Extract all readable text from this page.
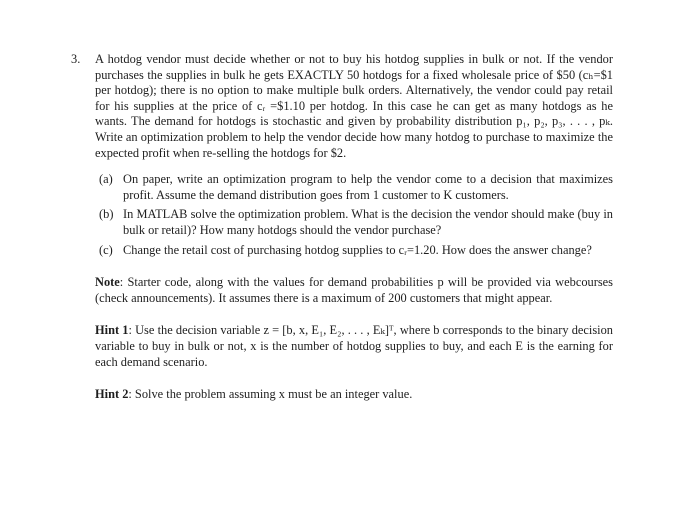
3.	A hotdog vendor must decide whether or not to buy his hotdog supplies in bulk or not. If the vendor purchases the supplies in bulk he gets EXACTLY 50 hotdogs for a fixed wholesale price of $50 (cₕ=$1 per hotdog); there is no option to make multiple bulk orders. Alternatively, the vendor could pay retail for his supplies at the price of cᵣ =$1.10 per hotdog. In this case he can get as many hotdogs as he wants. The demand for hotdogs is stochastic and given by probability distribution p₁, p₂, p₃, . . . , pₖ. Write an optimization problem to help the vendor decide how many hotdog to purchase to maximize the expected profit when re-selling the hotdogs for $2.
(a) On paper, write an optimization program to help the vendor come to a decision that maximizes profit. Assume the demand distribution goes from 1 customer to K customers.
(b) In MATLAB solve the optimization problem. What is the decision the vendor should make (buy in bulk or retail)? How many hotdogs should the vendor purchase?
(c) Change the retail cost of purchasing hotdog supplies to cᵣ=1.20. How does the answer change?
Note: Starter code, along with the values for demand probabilities p will be provided via webcourses (check announcements). It assumes there is a maximum of 200 customers that might appear.
Hint 1: Use the decision variable z = [b, x, E₁, E₂, . . . , Eₖ]ᵀ, where b corresponds to the binary decision variable to buy in bulk or not, x is the number of hotdog supplies to buy, and each E is the earning for each demand scenario.
Hint 2: Solve the problem assuming x must be an integer value.
